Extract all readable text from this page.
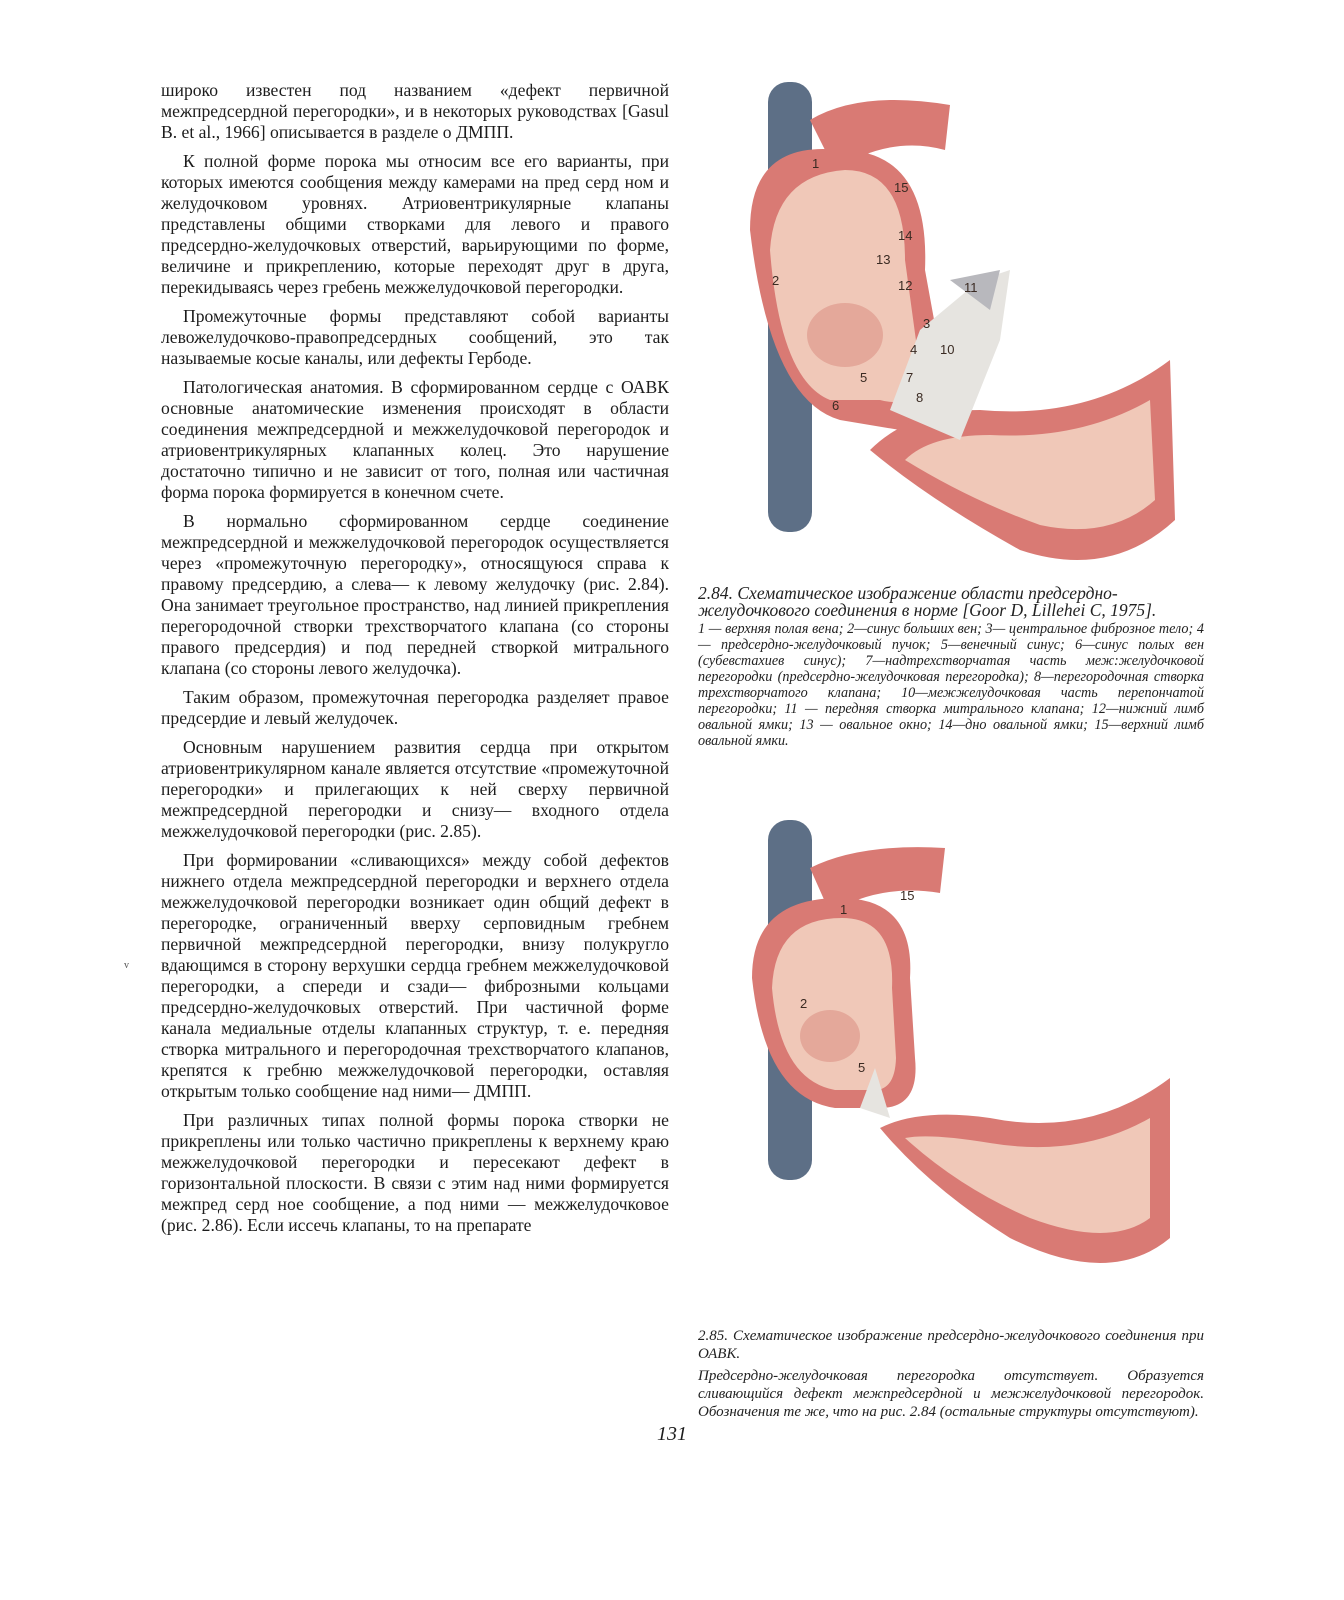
широко известен под названием «дефект первичной межпредсердной перегородки», и в некоторых руководствах [Gasul B. et al., 1966] описывается в разделе о ДМПП.

К полной форме порока мы относим все его варианты, при которых имеются сообщения между камерами на пред серд ном и желудочковом уровнях. Атриовентрикулярные клапаны представлены общими створками для левого и правого предсердно-желудочковых отверстий, варьирующими по форме, величине и прикреплению, которые переходят друг в друга, перекидываясь через гребень межжелудочковой перегородки.

Промежуточные формы представляют собой варианты левожелудочково-правопредсердных сообщений, это так называемые косые каналы, или дефекты Гербоде.

Патологическая анатомия. В сформированном сердце с ОАВК основные анатомические изменения происходят в области соединения межпредсердной и межжелудочковой перегородок и атриовентрикулярных клапанных колец. Это нарушение достаточно типично и не зависит от того, полная или частичная форма порока формируется в конечном счете.

В нормально сформированном сердце соединение межпредсердной и межжелудочковой перегородок осуществляется через «промежуточную перегородку», относящуюся справа к правому предсердию, а слева— к левому желудочку (рис. 2.84). Она занимает треугольное пространство, над линией прикрепления перегородочной створки трехстворчатого клапана (со стороны правого предсердия) и под передней створкой митрального клапана (со стороны левого желудочка).

Таким образом, промежуточная перегородка разделяет правое предсердие и левый желудочек.

Основным нарушением развития сердца при открытом атриовентрикулярном канале является отсутствие «промежуточной перегородки» и прилегающих к ней сверху первичной межпредсердной перегородки и снизу— входного отдела межжелудочковой перегородки (рис. 2.85).

При формировании «сливающихся» между собой дефектов нижнего отдела межпредсердной перегородки и верхнего отдела межжелудочковой перегородки возникает один общий дефект в перегородке, ограниченный вверху серповидным гребнем первичной межпредсердной перегородки, внизу полукругло вдающимся в сторону верхушки сердца гребнем межжелудочковой перегородки, а спереди и сзади— фиброзными кольцами предсердно-желудочковых отверстий. При частичной форме канала медиальные отделы клапанных структур, т. е. передняя створка митрального и перегородочная трехстворчатого клапанов, крепятся к гребню межжелудочковой перегородки, оставляя открытым только сообщение над ними— ДМПП.

При различных типах полной формы порока створки не прикреплены или только частично прикреплены к верхнему краю межжелудочковой перегородки и пересекают дефект в горизонтальной плоскости. В связи с этим над ними формируется межпред серд ное сообщение, а под ними — межжелудочковое (рис. 2.86). Если иссечь клапаны, то на препарате

v
1
2
3
4
5
6
7
8
10
11
12
13
14
15

2.84. Схематическое изображение области предсердно-желудочкового соединения в норме [Goor D, Lillehei C, 1975].

1 — верхняя полая вена; 2—синус больших вен; 3— центральное фиброзное тело; 4 — предсердно-желудочковый пучок; 5—венечный синус; 6—синус полых вен (субевстахиев синус); 7—надтрехстворчатая часть меж:желудочковой перегородки (предсердно-желудочковая перегородка); 8—перегородочная створка трехстворчатого клапана; 10—межжелудочковая часть перепончатой перегородки; 11 — передняя створка митрального клапана; 12—нижний лимб овальной ямки; 13 — овальное окно; 14—дно овальной ямки; 15—верхний лимб овальной ямки.

1
2
5
15

2.85. Схематическое изображение предсердно-желудочкового соединения при ОАВК.

Предсердно-желудочковая перегородка отсутствует. Образуется сливающийся дефект межпредсердной и межжелудочковой перегородок. Обозначения те же, что на рис. 2.84 (остальные структуры отсутствуют).

131
